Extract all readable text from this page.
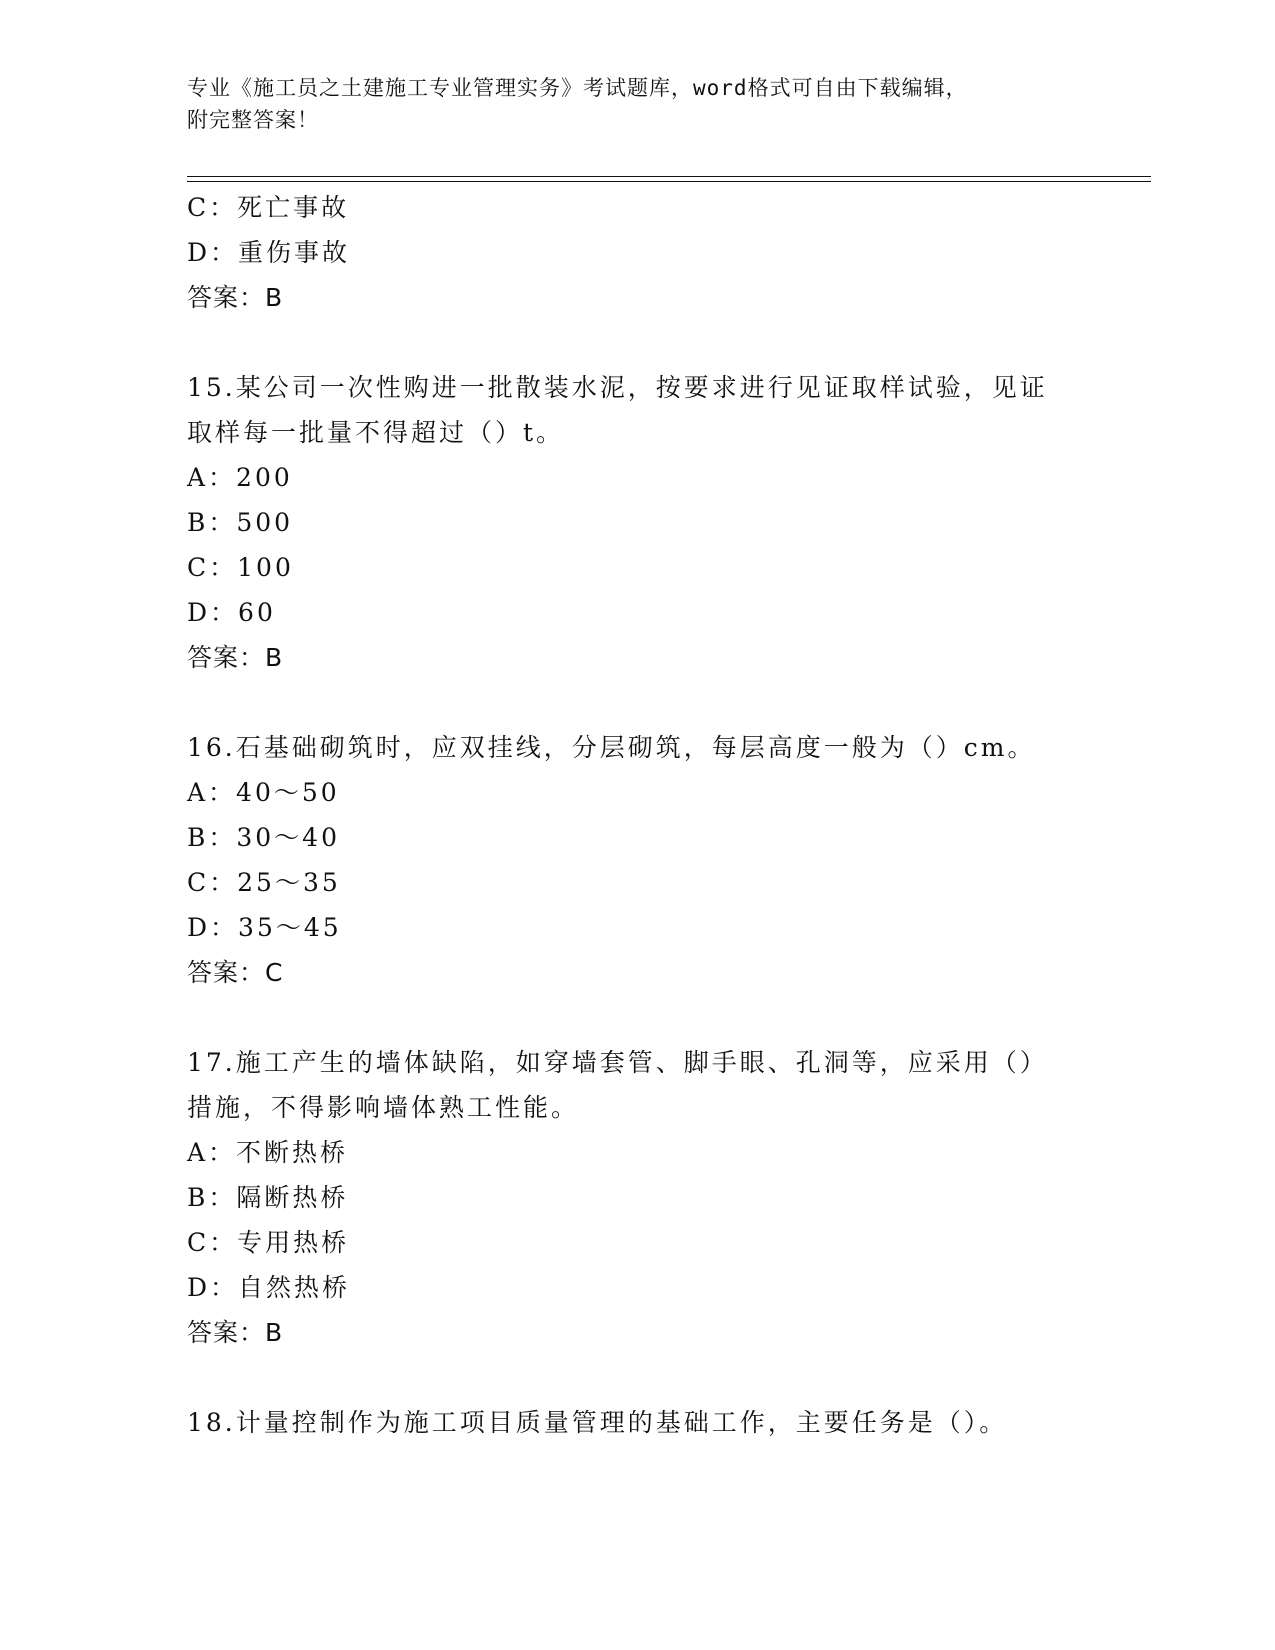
专业《施工员之土建施工专业管理实务》考试题库，word格式可自由下载编辑，
附完整答案！
C：死亡事故
D：重伤事故
答案：B
15.某公司一次性购进一批散装水泥，按要求进行见证取样试验，见证
取样每一批量不得超过（）t。
A：200
B：500
C：100
D：60
答案：B
16.石基础砌筑时，应双挂线，分层砌筑，每层高度一般为（）cm。
A：40～50
B：30～40
C：25～35
D：35～45
答案：C
17.施工产生的墙体缺陷，如穿墙套管、脚手眼、孔洞等，应采用（）
措施，不得影响墙体熟工性能。
A：不断热桥
B：隔断热桥
C：专用热桥
D：自然热桥
答案：B
18.计量控制作为施工项目质量管理的基础工作，主要任务是（）。
